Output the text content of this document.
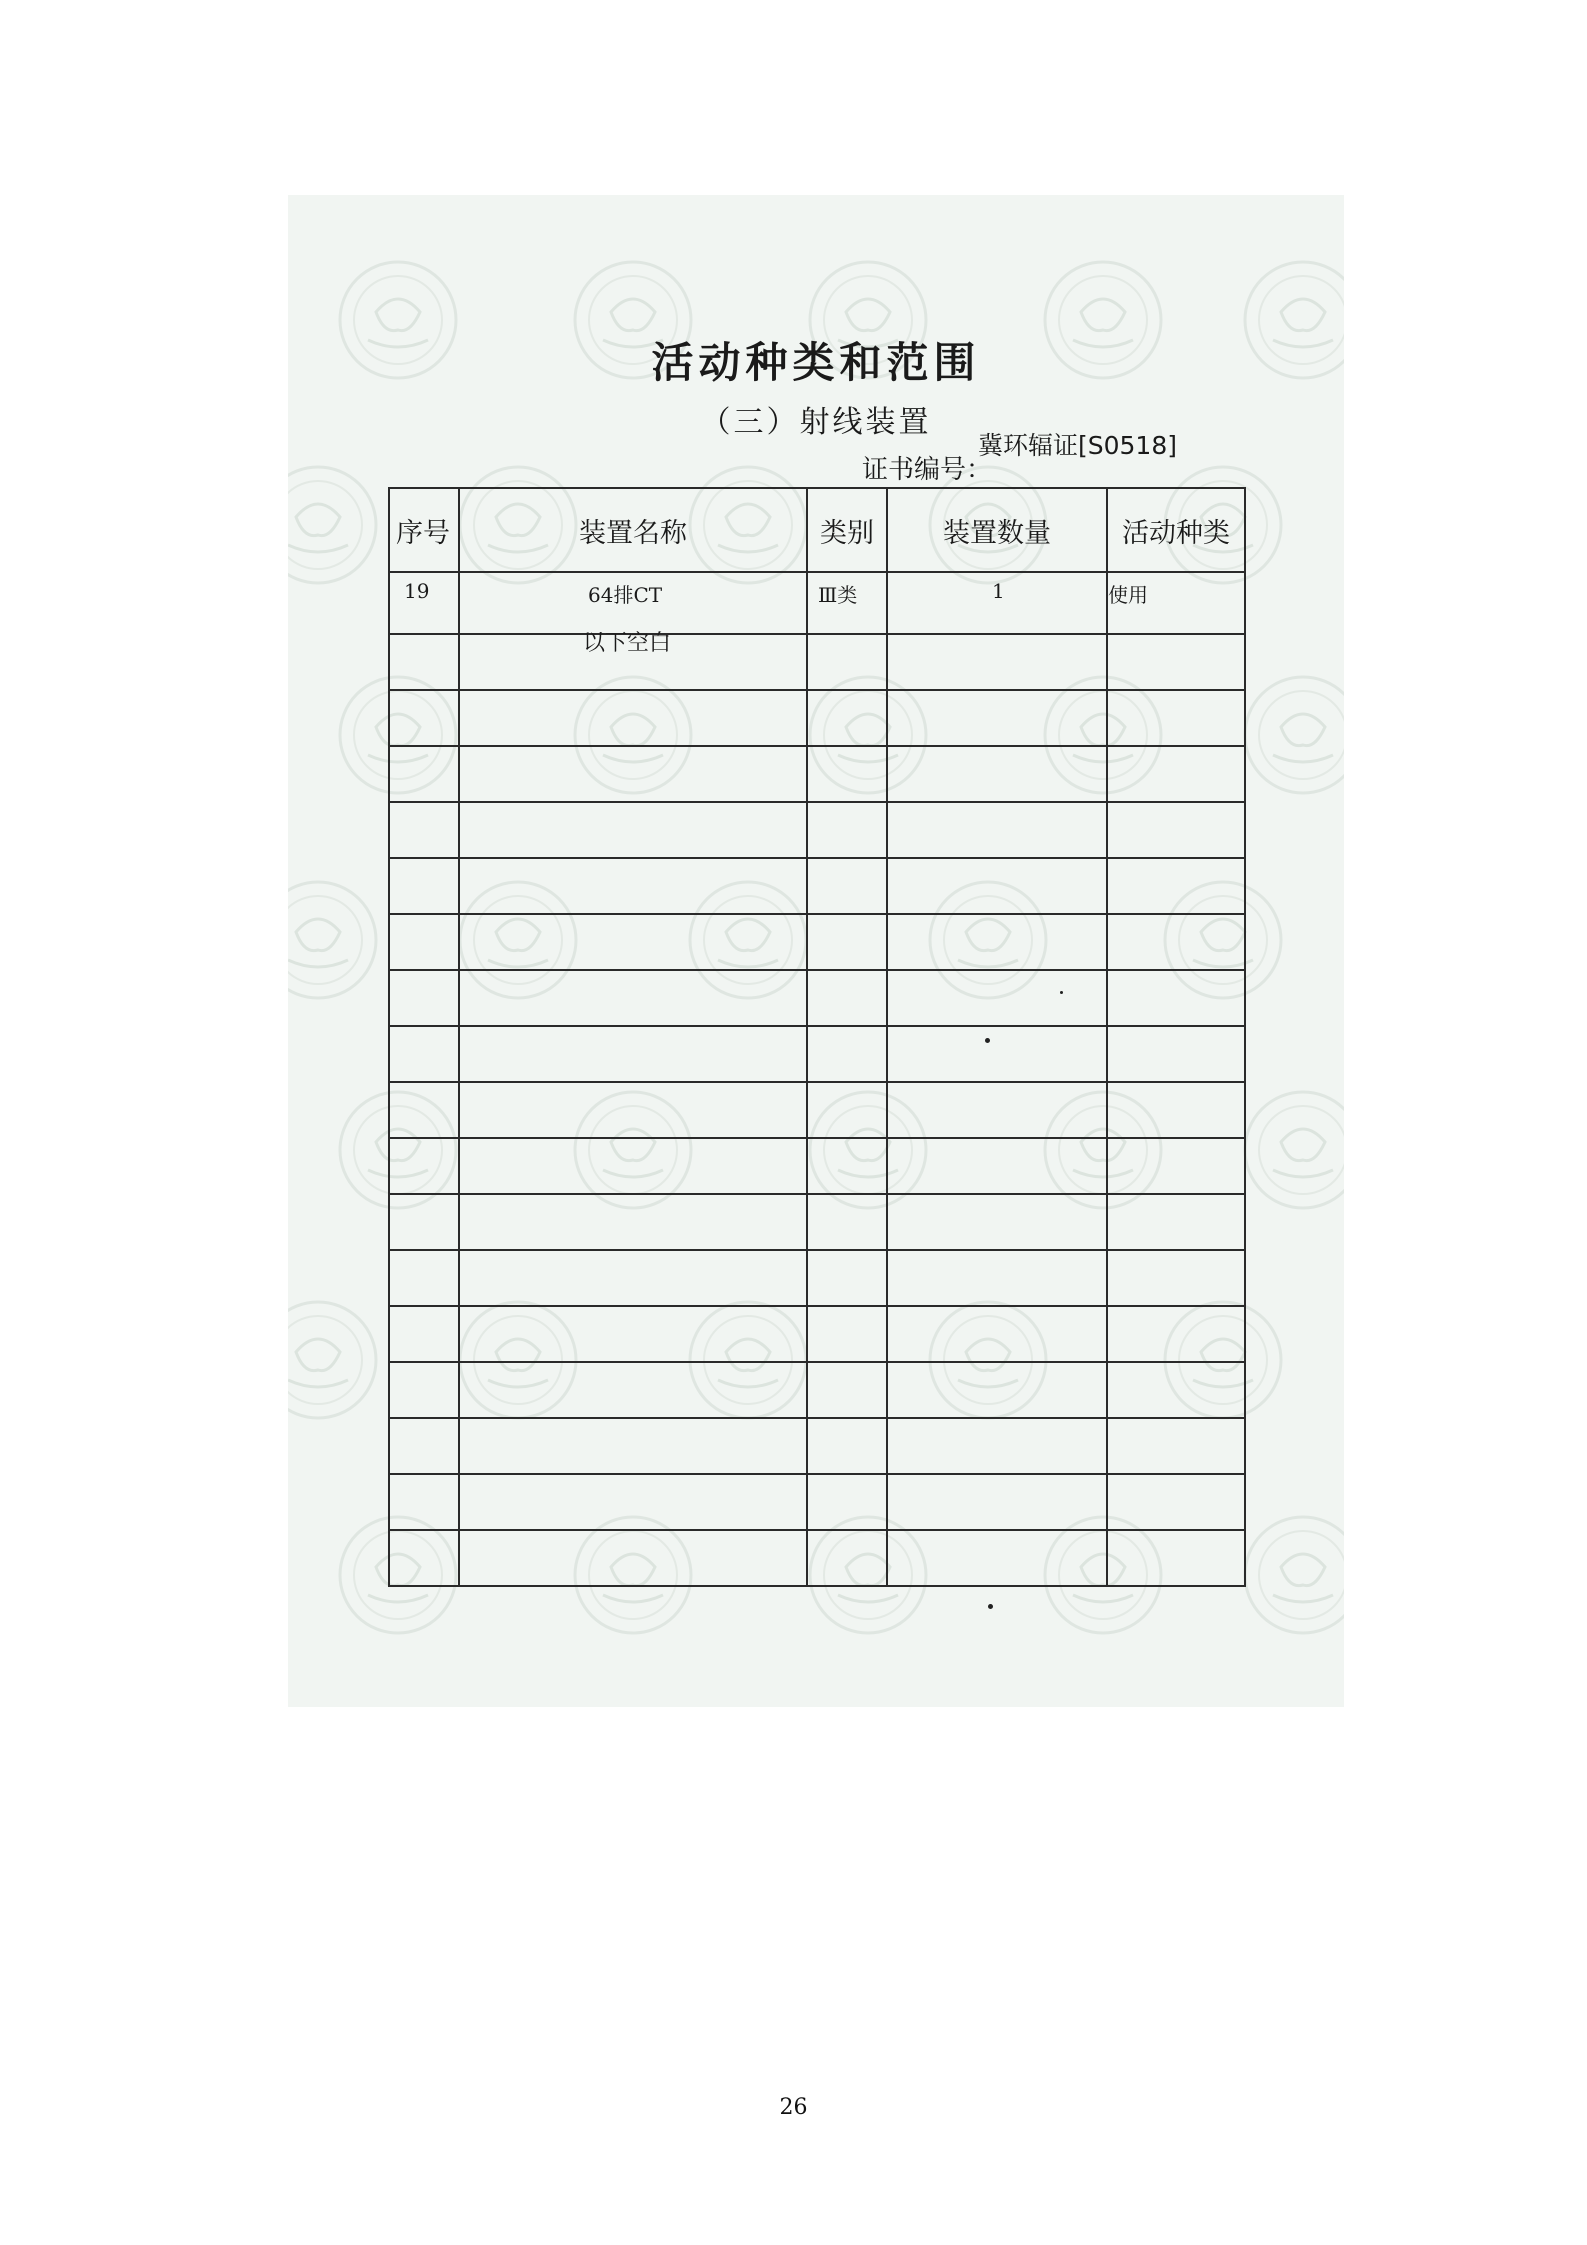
活动种类和范围
（三）射线装置
证书编号：
冀环辐证[S0518]
序号	装置名称	类别	装置数量	活动种类
19	64排CT	Ⅲ类	1	使用

以下空白
26
